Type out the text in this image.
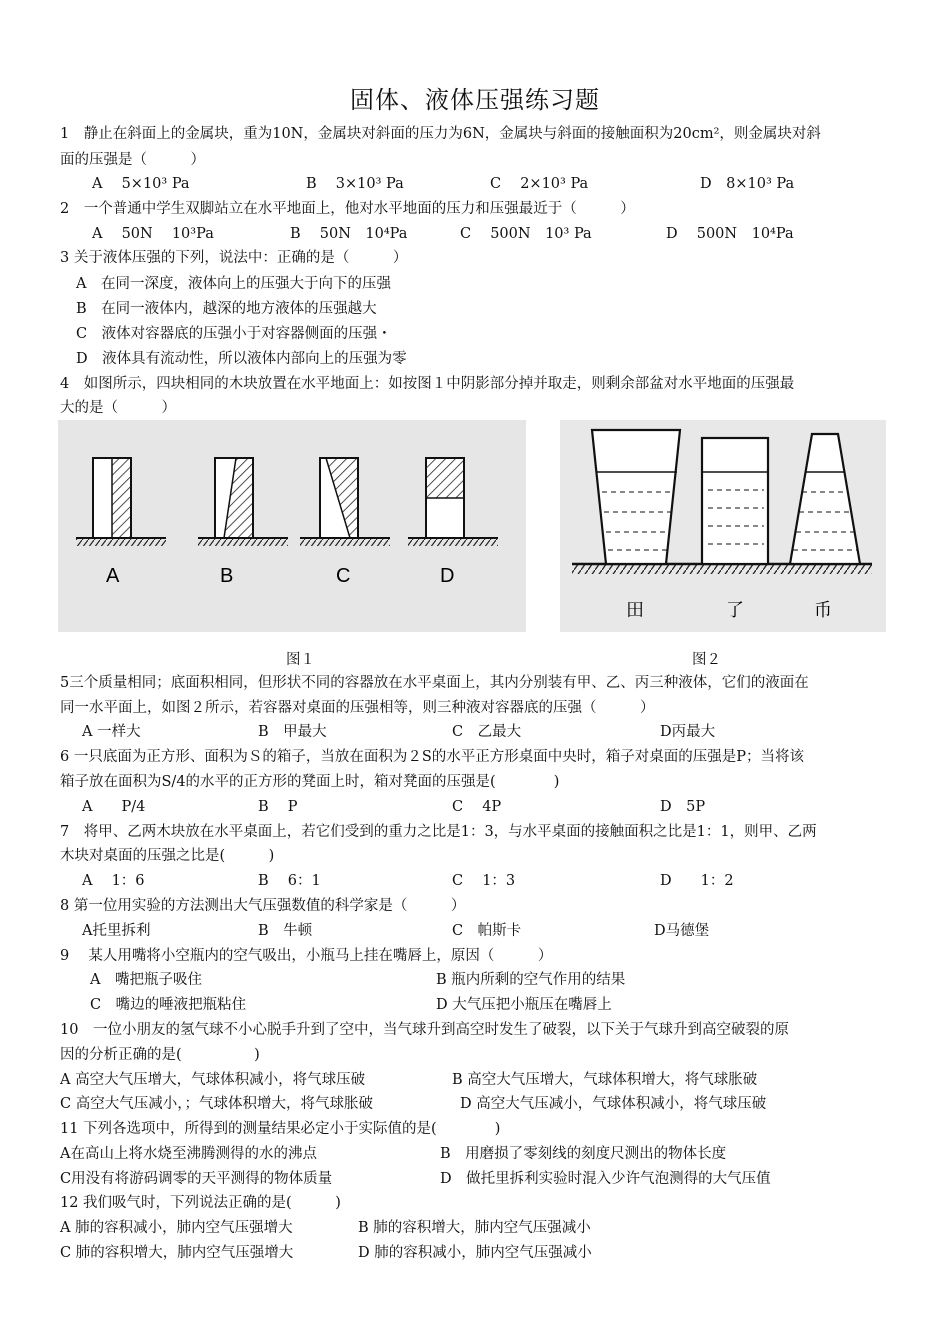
固体、液体压强练习题
1　静止在斜面上的金属块，重为10N，金属块对斜面的压力为6N，金属块与斜面的接触面积为20cm²，则金属块对斜
面的压强是（　　　）
A　 5×10³ Pa	B　 3×10³ Pa	C　 2×10³ Pa	D　8×10³ Pa
2　一个普通中学生双脚站立在水平地面上，他对水平地面的压力和压强最近于（　　　）
A　 50N　 10³Pa	B　 50N　10⁴Pa	C　 500N　10³ Pa	D　 500N　10⁴Pa
3 关于液体压强的下列，说法中：正确的是（　　　）
A　在同一深度，液体向上的压强大于向下的压强
B　在同一液体内，越深的地方液体的压强越大
C　液体对容器底的压强小于对容器侧面的压强・
D　液体具有流动性，所以液体内部向上的压强为零
4　如图所示，四块相同的木块放置在水平地面上：如按图１中阴影部分掉并取走，则剩余部盆对水平地面的压强最
大的是（　　　）
A	B	C	D
田	了	币
图１	图２
5三个质量相同；底面积相同，但形状不同的容器放在水平桌面上，其内分别装有甲、乙、丙三种液体，它们的液面在
同一水平面上，如图２所示，若容器对桌面的压强相等，则三种液对容器底的压强（　　　）
A 一样大	B　甲最大	C　乙最大	D丙最大
6 一只底面为正方形、面积为Ｓ的箱子，当放在面积为２S的水平正方形桌面中央时，箱子对桌面的压强是P；当将该
箱子放在面积为S/4的水平的正方形的凳面上时，箱对凳面的压强是(　　　　)
A　　P/4	B　 P	C　 4P	D　5P
7　将甲、乙两木块放在水平桌面上，若它们受到的重力之比是1：3，与水平桌面的接触面积之比是1：1，则甲、乙两
木块对桌面的压强之比是(　　　)
A　 1：6	B　 6：1	C　 1：3	D　　1：2
8 第一位用实验的方法测出大气压强数值的科学家是（　　　）
A托里拆利	B　牛顿	C　帕斯卡	D马德堡
9　 某人用嘴将小空瓶内的空气吸出，小瓶马上挂在嘴唇上，原因（　　　）
A　嘴把瓶子吸住	B 瓶内所剩的空气作用的结果
C　嘴边的唾液把瓶粘住	D 大气压把小瓶压在嘴唇上
10　一位小朋友的氢气球不小心脱手升到了空中，当气球升到高空时发生了破裂，以下关于气球升到高空破裂的原
因的分析正确的是(　　　　　)
A 高空大气压增大，气球体积减小，将气球压破	B 高空大气压增大，气球体积增大，将气球胀破
C 高空大气压减小，；气球体积增大，将气球胀破	D 高空大气压减小，气球体积减小，将气球压破
11 下列各选项中，所得到的测量结果必定小于实际值的是(　　　　)
A在高山上将水烧至沸腾测得的水的沸点	B　用磨损了零刻线的刻度尺测出的物体长度
C用没有将游码调零的天平测得的物体质量	D　做托里拆利实验时混入少许气泡测得的大气压值
12 我们吸气时，下列说法正确的是(　　　)
A 肺的容积减小，肺内空气压强增大	B 肺的容积增大，肺内空气压强减小
C 肺的容积增大，肺内空气压强增大	D 肺的容积减小，肺内空气压强减小
